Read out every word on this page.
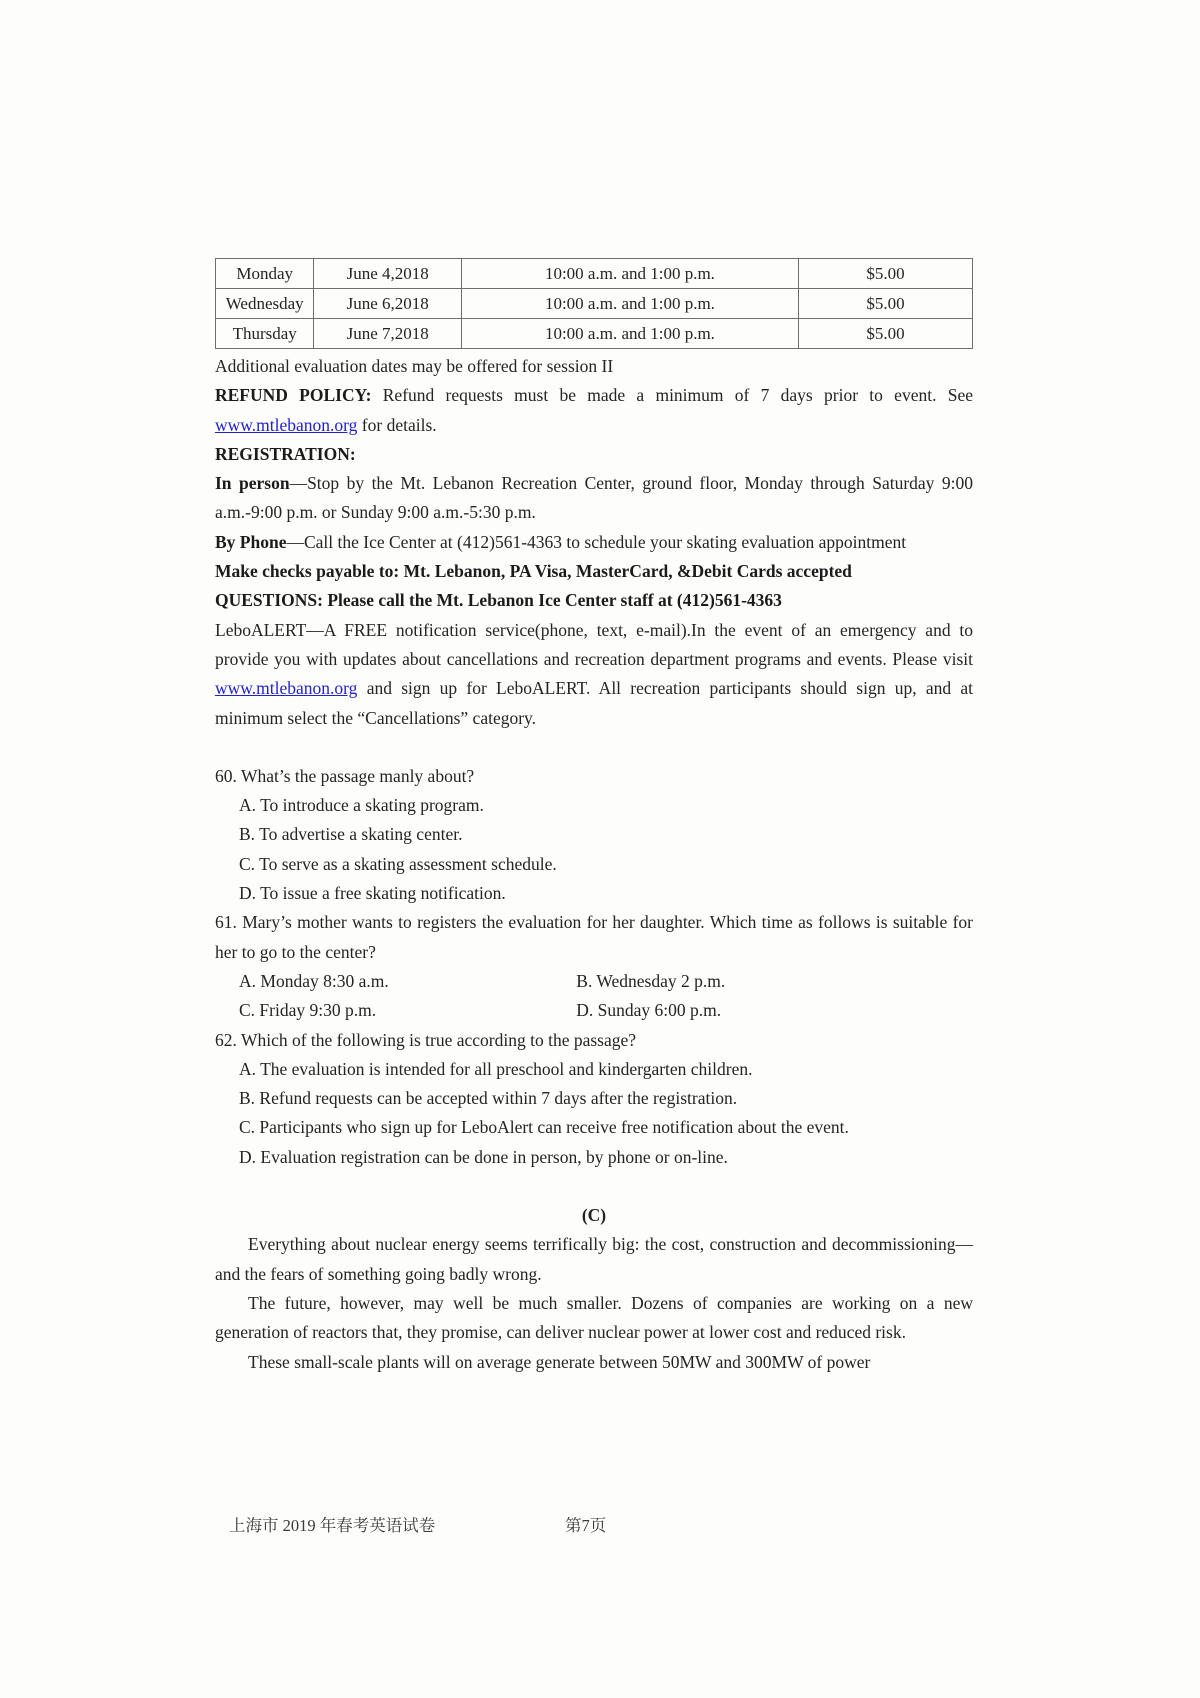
Monday	June 4,2018	10:00 a.m. and 1:00 p.m.	$5.00
Wednesday	June 6,2018	10:00 a.m. and 1:00 p.m.	$5.00
Thursday	June 7,2018	10:00 a.m. and 1:00 p.m.	$5.00

Additional evaluation dates may be offered for session II

REFUND POLICY: Refund requests must be made a minimum of 7 days prior to event. See www.mtlebanon.org for details.

REGISTRATION:

In person—Stop by the Mt. Lebanon Recreation Center, ground floor, Monday through Saturday 9:00 a.m.-9:00 p.m. or Sunday 9:00 a.m.-5:30 p.m.

By Phone—Call the Ice Center at (412)561-4363 to schedule your skating evaluation appointment

Make checks payable to: Mt. Lebanon, PA Visa, MasterCard, &Debit Cards accepted

QUESTIONS: Please call the Mt. Lebanon Ice Center staff at (412)561-4363

LeboALERT—A FREE notification service(phone, text, e-mail).In the event of an emergency and to provide you with updates about cancellations and recreation department programs and events. Please visit www.mtlebanon.org and sign up for LeboALERT. All recreation participants should sign up, and at minimum select the “Cancellations” category.

60. What’s the passage manly about?

A. To introduce a skating program.

B. To advertise a skating center.

C. To serve as a skating assessment schedule.

D. To issue a free skating notification.

61. Mary’s mother wants to registers the evaluation for her daughter. Which time as follows is suitable for her to go to the center?

A. Monday 8:30 a.m.	B. Wednesday 2 p.m.

C. Friday 9:30 p.m.	D. Sunday 6:00 p.m.

62. Which of the following is true according to the passage?

A. The evaluation is intended for all preschool and kindergarten children.

B. Refund requests can be accepted within 7 days after the registration.

C. Participants who sign up for LeboAlert can receive free notification about the event.

D. Evaluation registration can be done in person, by phone or on-line.

(C)

Everything about nuclear energy seems terrifically big: the cost, construction and decommissioning—and the fears of something going badly wrong.

The future, however, may well be much smaller. Dozens of companies are working on a new generation of reactors that, they promise, can deliver nuclear power at lower cost and reduced risk.

These small-scale plants will on average generate between 50MW and 300MW of power

上海市 2019 年春考英语试卷	第7页
